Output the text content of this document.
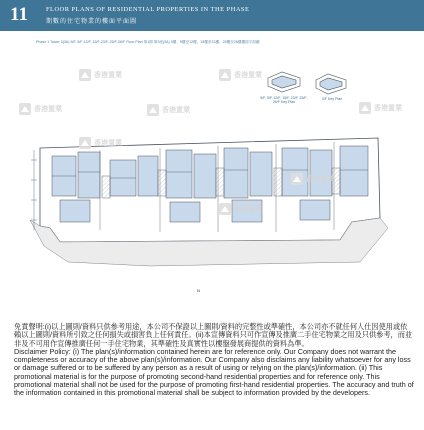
11	FLOOR PLANS OF RESIDENTIAL PROPERTIES IN THE PHASE
期數的住宅物業的樓面平面圖
Phase 1 Tower 3(3A) 5/F, 5/F-12/F, 15/F-23/F, 25/F-26/F Floor Plan 第1期 第3座(3A) 5樓、5樓至12樓、15樓至23樓、25樓至26樓樓面平面圖
5/F, 5/F-12/F, 15/F-23/F, 25/F-26/F Key Plan
3/F Key Plan
N
香港置業
香港置業
香港置業
香港置業
香港置業
香港置業
香港置業
香港置業

免責聲明:(i)以上圖則/資料只供參考用途，本公司不保證以上圖則/資料的完整性或準確性，本公司亦不就任何人仕因使用或依賴以上圖則/資料所引致之任何損失或損害負上任何責任。(ii)本宣傳資料只可作宣傳及推廣二手住宅物業之用及只供參考，而並非及不可用作宣傳推廣任何一手住宅物業，其準確性及真實性以樓盤發展商提供的資料為準。

Disclaimer Policy: (i) The plan(s)/information contained herein are for reference only. Our Company does not warrant the completeness or accuracy of the above plan(s)/information. Our Company also disclaims any liability whatsoever for any loss or damage suffered or to be suffered by any person as a result of using or relying on the plan(s)/information. (ii) This promotional material is for the purpose of promoting second-hand residential properties and for reference only. This promotional material shall not be used for the purpose of promoting first-hand residential properties. The accuracy and truth of the information contained in this promotional material shall be subject to information provided by the developers.
